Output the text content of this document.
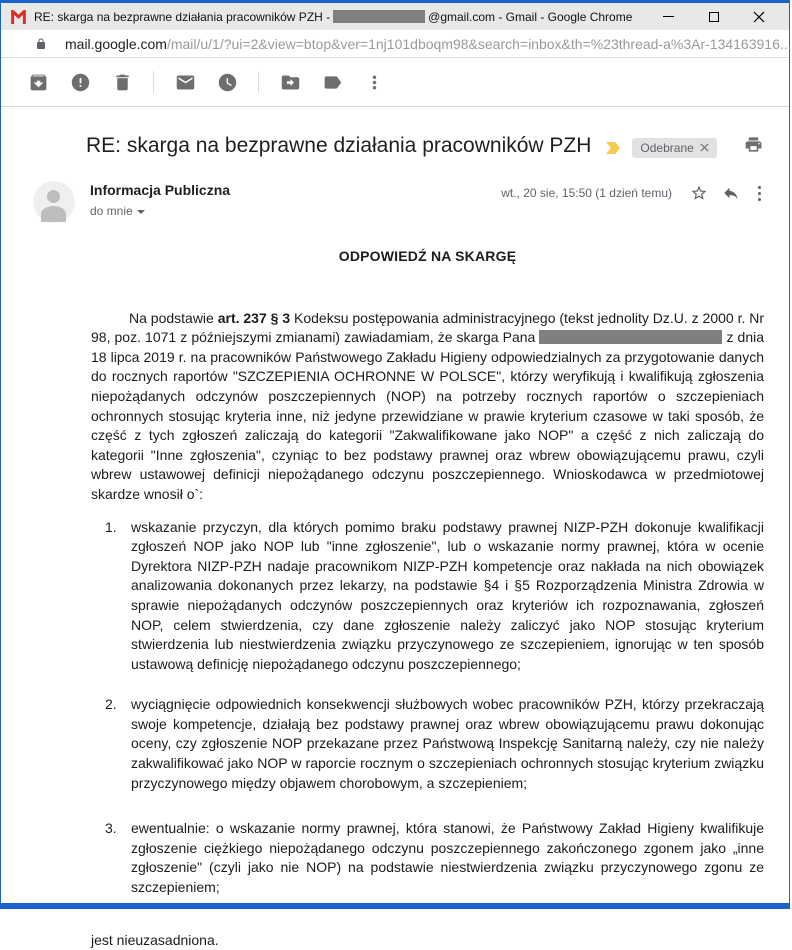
RE: skarga na bezprawne działania pracowników PZH -	@gmail.com - Gmail - Google Chrome
mail.google.com/mail/u/1/?ui=2&view=btop&ver=1nj101dboqm98&search=inbox&th=%23thread-a%3Ar-134163916...
RE: skarga na bezprawne działania pracowników PZH	Odebrane
Informacja Publiczna
do mnie
wt., 20 sie, 15:50 (1 dzień temu)
ODPOWIEDŹ NA SKARGĘ

Na podstawie art. 237 § 3 Kodeksu postępowania administracyjnego (tekst jednolity Dz.U. z 2000 r. Nr 98, poz. 1071 z późniejszymi zmianami) zawiadamiam, że skarga Pana	z dnia 18 lipca 2019 r. na pracowników Państwowego Zakładu Higieny odpowiedzialnych za przygotowanie danych do rocznych raportów "SZCZEPIENIA OCHRONNE W POLSCE", którzy weryfikują i kwalifikują zgłoszenia niepożądanych odczynów poszczepiennych (NOP) na potrzeby rocznych raportów o szczepieniach ochronnych stosując kryteria inne, niż jedyne przewidziane w prawie kryterium czasowe w taki sposób, że część z tych zgłoszeń zaliczają do kategorii "Zakwalifikowane jako NOP" a część z nich zaliczają do kategorii "Inne zgłoszenia", czyniąc to bez podstawy prawnej oraz wbrew obowiązującemu prawu, czyli wbrew ustawowej definicji niepożądanego odczynu poszczepiennego. Wnioskodawca w przedmiotowej skardze wnosił o`:

1.	wskazanie przyczyn, dla których pomimo braku podstawy prawnej NIZP-PZH dokonuje kwalifikacji zgłoszeń NOP jako NOP lub "inne zgłoszenie", lub o wskazanie normy prawnej, która w ocenie Dyrektora NIZP-PZH nadaje pracownikom NIZP-PZH kompetencje oraz nakłada na nich obowiązek analizowania dokonanych przez lekarzy, na podstawie §4 i §5 Rozporządzenia Ministra Zdrowia w sprawie niepożądanych odczynów poszczepiennych oraz kryteriów ich rozpoznawania, zgłoszeń NOP, celem stwierdzenia, czy dane zgłoszenie należy zaliczyć jako NOP stosując kryterium stwierdzenia lub niestwierdzenia związku przyczynowego ze szczepieniem, ignorując w ten sposób ustawową definicję niepożądanego odczynu poszczepiennego;
2.	wyciągnięcie odpowiednich konsekwencji służbowych wobec pracowników PZH, którzy przekraczają swoje kompetencje, działają bez podstawy prawnej oraz wbrew obowiązującemu prawu dokonując oceny, czy zgłoszenie NOP przekazane przez Państwową Inspekcję Sanitarną należy, czy nie należy zakwalifikować jako NOP w raporcie rocznym o szczepieniach ochronnych stosując kryterium związku przyczynowego między objawem chorobowym, a szczepieniem;
3.	ewentualnie: o wskazanie normy prawnej, która stanowi, że Państwowy Zakład Higieny kwalifikuje zgłoszenie ciężkiego niepożądanego odczynu poszczepiennego zakończonego zgonem jako „inne zgłoszenie" (czyli jako nie NOP) na podstawie niestwierdzenia związku przyczynowego zgonu ze szczepieniem;

jest nieuzasadniona.
